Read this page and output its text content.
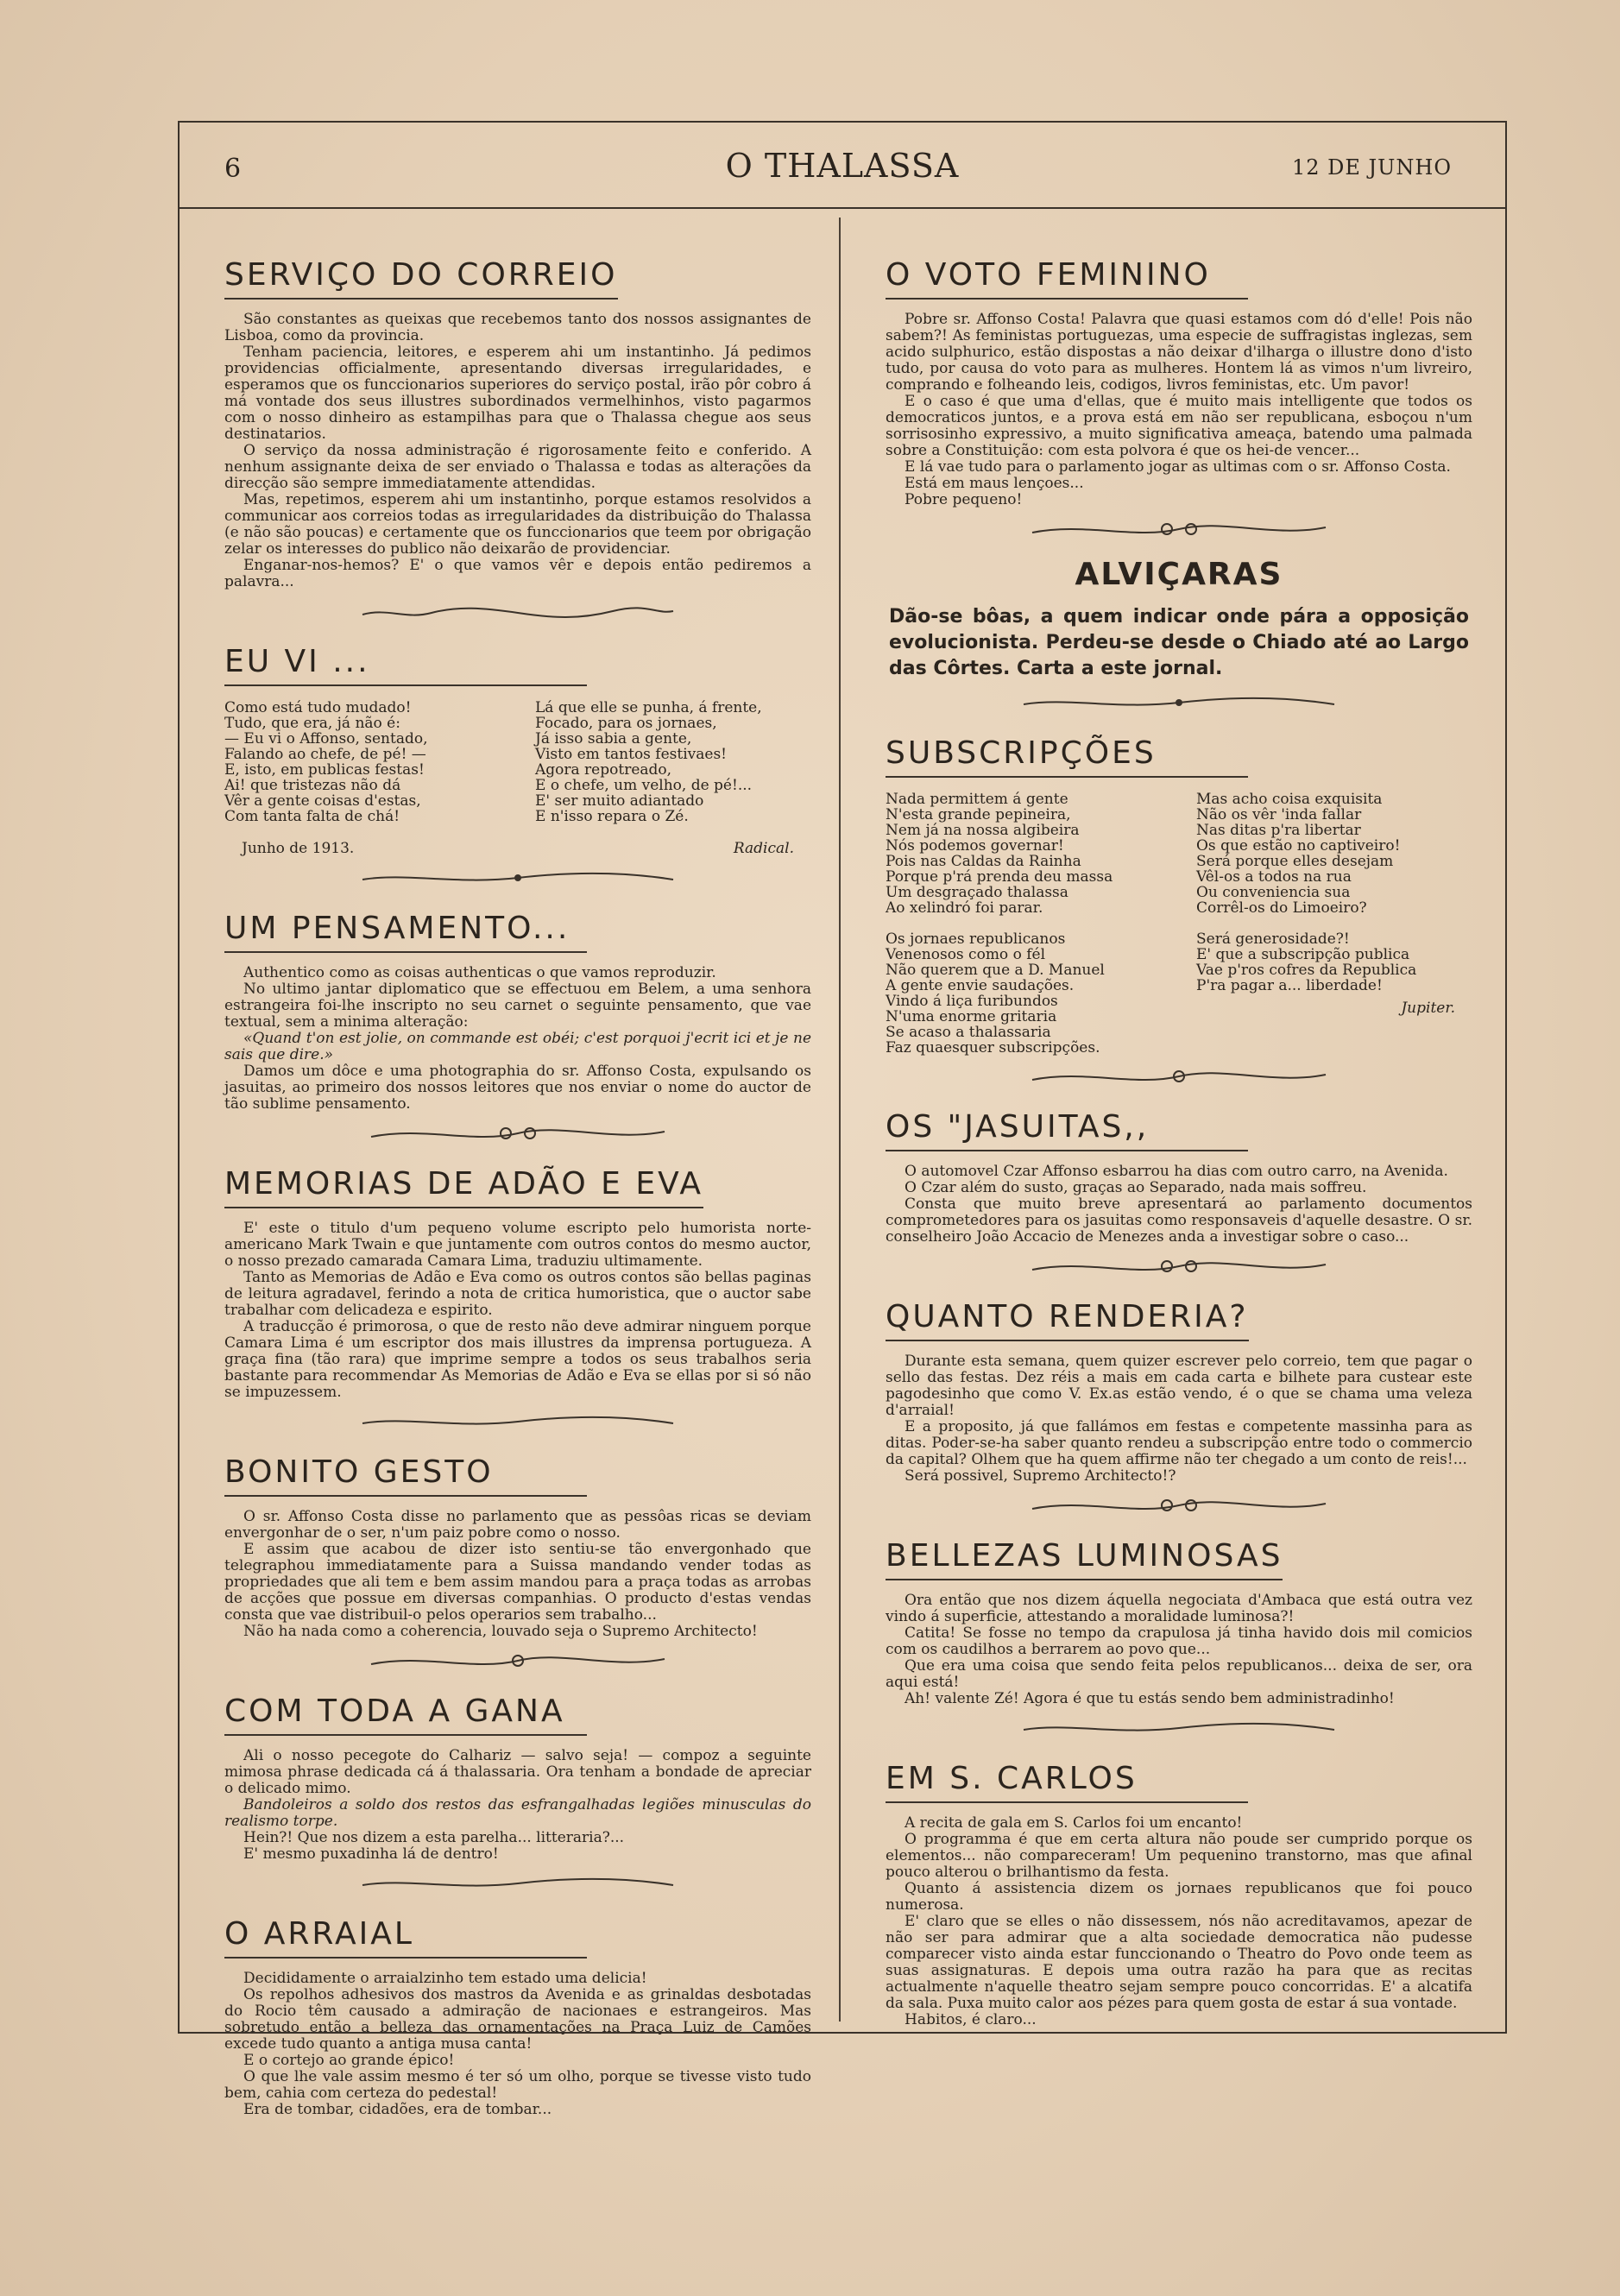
6	O THALASSA	12 DE JUNHO
SERVIÇO DO CORREIO

São constantes as queixas que recebemos tanto dos nossos assignantes de Lisboa, como da provincia.

Tenham paciencia, leitores, e esperem ahi um instantinho. Já pedimos providencias officialmente, apresentando diversas irregularidades, e esperamos que os funccionarios superiores do serviço postal, irão pôr cobro á má vontade dos seus illustres subordinados vermelhinhos, visto pagarmos com o nosso dinheiro as estampilhas para que o Thalassa chegue aos seus destinatarios.

O serviço da nossa administração é rigorosamente feito e conferido. A nenhum assignante deixa de ser enviado o Thalassa e todas as alterações da direcção são sempre immediatamente attendidas.

Mas, repetimos, esperem ahi um instantinho, porque estamos resolvidos a communicar aos correios todas as irregularidades da distribuição do Thalassa (e não são poucas) e certamente que os funccionarios que teem por obrigação zelar os interesses do publico não deixarão de providenciar.

Enganar-nos-hemos? E' o que vamos vêr e depois então pediremos a palavra...

EU VI ...
Como está tudo mudado!
Tudo, que era, já não é:
— Eu vi o Affonso, sentado,
Falando ao chefe, de pé! —
E, isto, em publicas festas!
Ai! que tristezas não dá
Vêr a gente coisas d'estas,
Com tanta falta de chá!
Lá que elle se punha, á frente,
Focado, para os jornaes,
Já isso sabia a gente,
Visto em tantos festivaes!
Agora repotreado,
E o chefe, um velho, de pé!...
E' ser muito adiantado
E n'isso repara o Zé.
Junho de 1913.	Radical.
UM PENSAMENTO...

Authentico como as coisas authenticas o que vamos reproduzir.

No ultimo jantar diplomatico que se effectuou em Belem, a uma senhora estrangeira foi-lhe inscripto no seu carnet o seguinte pensamento, que vae textual, sem a minima alteração:

«Quand t'on est jolie, on commande est obéi; c'est porquoi j'ecrit ici et je ne sais que dire.»

Damos um dôce e uma photographia do sr. Affonso Costa, expulsando os jasuitas, ao primeiro dos nossos leitores que nos enviar o nome do auctor de tão sublime pensamento.

MEMORIAS DE ADÃO E EVA

E' este o titulo d'um pequeno volume escripto pelo humorista norte-americano Mark Twain e que juntamente com outros contos do mesmo auctor, o nosso prezado camarada Camara Lima, traduziu ultimamente.

Tanto as Memorias de Adão e Eva como os outros contos são bellas paginas de leitura agradavel, ferindo a nota de critica humoristica, que o auctor sabe trabalhar com delicadeza e espirito.

A traducção é primorosa, o que de resto não deve admirar ninguem porque Camara Lima é um escriptor dos mais illustres da imprensa portugueza. A graça fina (tão rara) que imprime sempre a todos os seus trabalhos seria bastante para recommendar As Memorias de Adão e Eva se ellas por si só não se impuzessem.

BONITO GESTO

O sr. Affonso Costa disse no parlamento que as pessôas ricas se deviam envergonhar de o ser, n'um paiz pobre como o nosso.

E assim que acabou de dizer isto sentiu-se tão envergonhado que telegraphou immediatamente para a Suissa mandando vender todas as propriedades que ali tem e bem assim mandou para a praça todas as arrobas de acções que possue em diversas companhias. O producto d'estas vendas consta que vae distribuil-o pelos operarios sem trabalho...

Não ha nada como a coherencia, louvado seja o Supremo Architecto!

COM TODA A GANA

Ali o nosso pecegote do Calhariz — salvo seja! — compoz a seguinte mimosa phrase dedicada cá á thalassaria. Ora tenham a bondade de apreciar o delicado mimo.

Bandoleiros a soldo dos restos das esfrangalhadas legiões minusculas do realismo torpe.

Hein?! Que nos dizem a esta parelha... litteraria?...

E' mesmo puxadinha lá de dentro!

O ARRAIAL

Decididamente o arraialzinho tem estado uma delicia!

Os repolhos adhesivos dos mastros da Avenida e as grinaldas desbotadas do Rocio têm causado a admiração de nacionaes e estrangeiros. Mas sobretudo então a belleza das ornamentações na Praça Luiz de Camões excede tudo quanto a antiga musa canta!

E o cortejo ao grande épico!

O que lhe vale assim mesmo é ter só um olho, porque se tivesse visto tudo bem, cahia com certeza do pedestal!

Era de tombar, cidadões, era de tombar...

O VOTO FEMININO

Pobre sr. Affonso Costa! Palavra que quasi estamos com dó d'elle! Pois não sabem?! As feministas portuguezas, uma especie de suffragistas inglezas, sem acido sulphurico, estão dispostas a não deixar d'ilharga o illustre dono d'isto tudo, por causa do voto para as mulheres. Hontem lá as vimos n'um livreiro, comprando e folheando leis, codigos, livros feministas, etc. Um pavor!

E o caso é que uma d'ellas, que é muito mais intelligente que todos os democraticos juntos, e a prova está em não ser republicana, esboçou n'um sorrisosinho expressivo, a muito significativa ameaça, batendo uma palmada sobre a Constituição: com esta polvora é que os hei-de vencer...

E lá vae tudo para o parlamento jogar as ultimas com o sr. Affonso Costa.

Está em maus lençoes...

Pobre pequeno!

ALVIÇARAS
Dão-se bôas, a quem indicar onde pára a opposição evolucionista. Perdeu-se desde o Chiado até ao Largo das Côrtes. Carta a este jornal.
SUBSCRIPÇÕES
Nada permittem á gente
N'esta grande pepineira,
Nem já na nossa algibeira
Nós podemos governar!
Pois nas Caldas da Rainha
Porque p'rá prenda deu massa
Um desgraçado thalassa
Ao xelindró foi parar.
Os jornaes republicanos
Venenosos como o fél
Não querem que a D. Manuel
A gente envie saudações.
Vindo á liça furibundos
N'uma enorme gritaria
Se acaso a thalassaria
Faz quaesquer subscripções.
Mas acho coisa exquisita
Não os vêr 'inda fallar
Nas ditas p'ra libertar
Os que estão no captiveiro!
Será porque elles desejam
Vêl-os a todos na rua
Ou conveniencia sua
Corrêl-os do Limoeiro?
Será generosidade?!
E' que a subscripção publica
Vae p'ros cofres da Republica
P'ra pagar a... liberdade!
Jupiter.
OS "JASUITAS,,

O automovel Czar Affonso esbarrou ha dias com outro carro, na Avenida.

O Czar além do susto, graças ao Separado, nada mais soffreu.

Consta que muito breve apresentará ao parlamento documentos comprometedores para os jasuitas como responsaveis d'aquelle desastre. O sr. conselheiro João Accacio de Menezes anda a investigar sobre o caso...

QUANTO RENDERIA?

Durante esta semana, quem quizer escrever pelo correio, tem que pagar o sello das festas. Dez réis a mais em cada carta e bilhete para custear este pagodesinho que como V. Ex.as estão vendo, é o que se chama uma veleza d'arraial!

E a proposito, já que fallámos em festas e competente massinha para as ditas. Poder-se-ha saber quanto rendeu a subscripção entre todo o commercio da capital? Olhem que ha quem affirme não ter chegado a um conto de reis!...

Será possivel, Supremo Architecto!?

BELLEZAS LUMINOSAS

Ora então que nos dizem áquella negociata d'Ambaca que está outra vez vindo á superficie, attestando a moralidade luminosa?!

Catita! Se fosse no tempo da crapulosa já tinha havido dois mil comicios com os caudilhos a berrarem ao povo que...

Que era uma coisa que sendo feita pelos republicanos... deixa de ser, ora aqui está!

Ah! valente Zé! Agora é que tu estás sendo bem administradinho!

EM S. CARLOS

A recita de gala em S. Carlos foi um encanto!

O programma é que em certa altura não poude ser cumprido porque os elementos... não compareceram! Um pequenino transtorno, mas que afinal pouco alterou o brilhantismo da festa.

Quanto á assistencia dizem os jornaes republicanos que foi pouco numerosa.

E' claro que se elles o não dissessem, nós não acreditavamos, apezar de não ser para admirar que a alta sociedade democratica não pudesse comparecer visto ainda estar funccionando o Theatro do Povo onde teem as suas assignaturas. E depois uma outra razão ha para que as recitas actualmente n'aquelle theatro sejam sempre pouco concorridas. E' a alcatifa da sala. Puxa muito calor aos pézes para quem gosta de estar á sua vontade.

Habitos, é claro...
